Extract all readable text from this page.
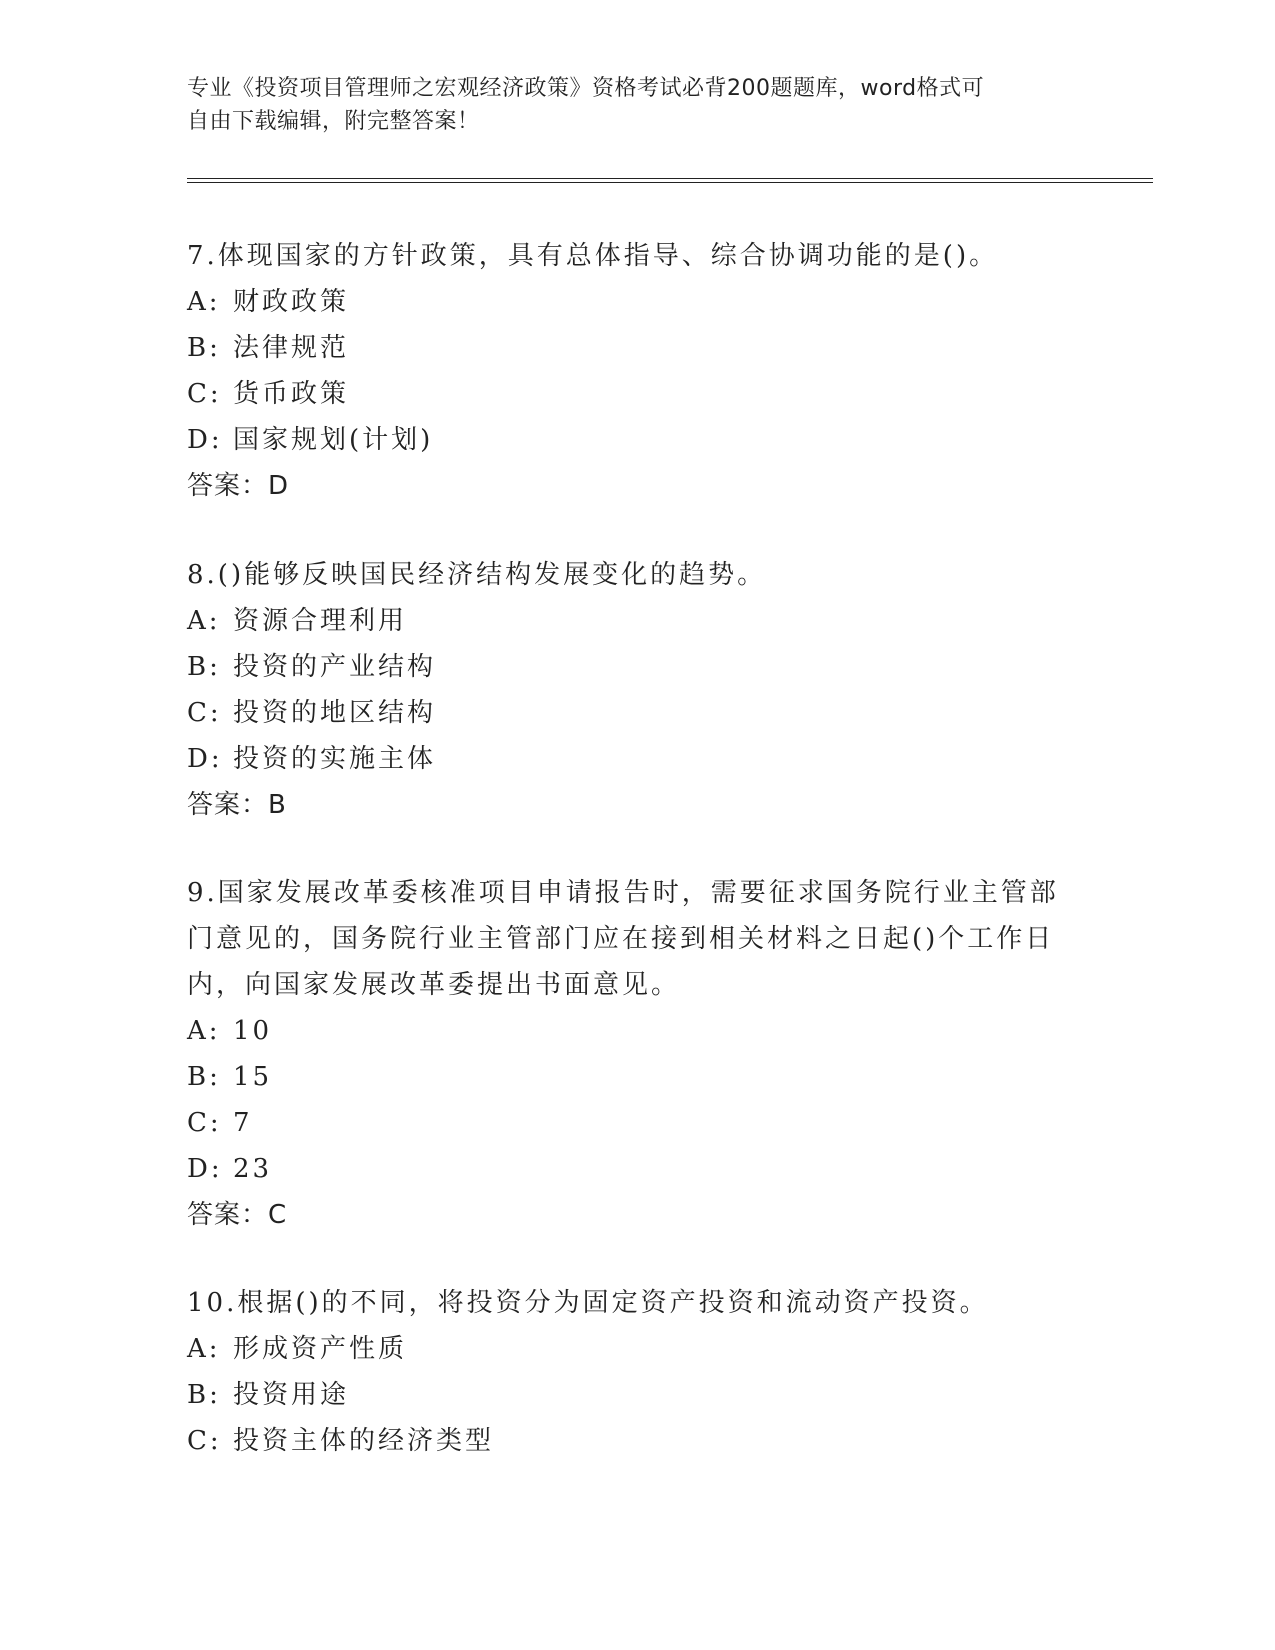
专业《投资项目管理师之宏观经济政策》资格考试必背200题题库，word格式可
自由下载编辑，附完整答案！

7.体现国家的方针政策，具有总体指导、综合协调功能的是()。

A: 财政政策

B: 法律规范

C: 货币政策

D: 国家规划(计划)

答案：D

8.()能够反映国民经济结构发展变化的趋势。

A: 资源合理利用

B: 投资的产业结构

C: 投资的地区结构

D: 投资的实施主体

答案：B

9.国家发展改革委核准项目申请报告时，需要征求国务院行业主管部

门意见的，国务院行业主管部门应在接到相关材料之日起()个工作日

内，向国家发展改革委提出书面意见。

A: 10

B: 15

C: 7

D: 23

答案：C

10.根据()的不同，将投资分为固定资产投资和流动资产投资。

A: 形成资产性质

B: 投资用途

C: 投资主体的经济类型
